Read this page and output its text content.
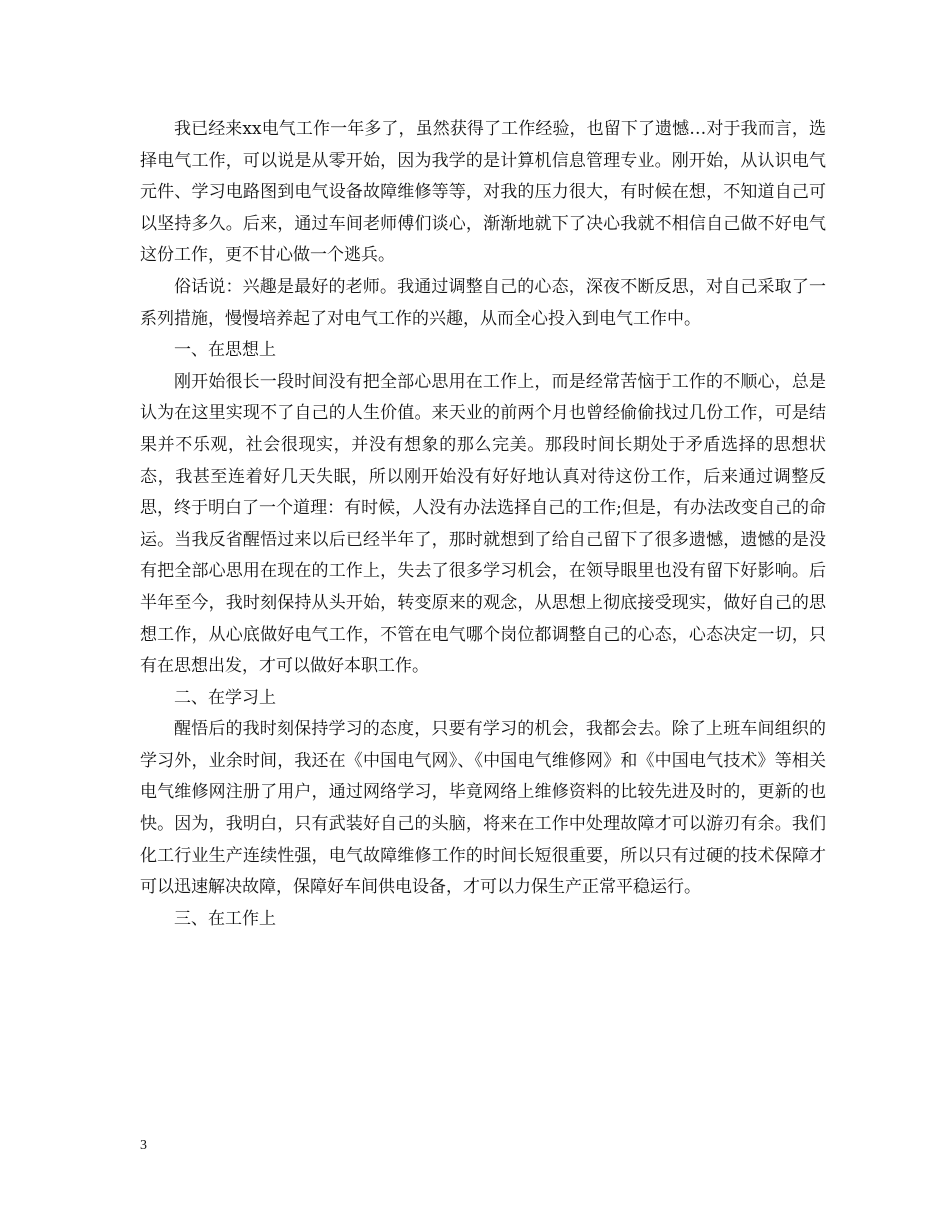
我已经来xx电气工作一年多了，虽然获得了工作经验，也留下了遗憾…对于我而言，选择电气工作，可以说是从零开始，因为我学的是计算机信息管理专业。刚开始，从认识电气元件、学习电路图到电气设备故障维修等等，对我的压力很大，有时候在想，不知道自己可以坚持多久。后来，通过车间老师傅们谈心，渐渐地就下了决心我就不相信自己做不好电气这份工作，更不甘心做一个逃兵。

俗话说：兴趣是最好的老师。我通过调整自己的心态，深夜不断反思，对自己采取了一系列措施，慢慢培养起了对电气工作的兴趣，从而全心投入到电气工作中。

一、在思想上

刚开始很长一段时间没有把全部心思用在工作上，而是经常苦恼于工作的不顺心，总是认为在这里实现不了自己的人生价值。来天业的前两个月也曾经偷偷找过几份工作，可是结果并不乐观，社会很现实，并没有想象的那么完美。那段时间长期处于矛盾选择的思想状态，我甚至连着好几天失眠，所以刚开始没有好好地认真对待这份工作，后来通过调整反思，终于明白了一个道理：有时候，人没有办法选择自己的工作;但是，有办法改变自己的命运。当我反省醒悟过来以后已经半年了，那时就想到了给自己留下了很多遗憾，遗憾的是没有把全部心思用在现在的工作上，失去了很多学习机会，在领导眼里也没有留下好影响。后半年至今，我时刻保持从头开始，转变原来的观念，从思想上彻底接受现实，做好自己的思想工作，从心底做好电气工作，不管在电气哪个岗位都调整自己的心态，心态决定一切，只有在思想出发，才可以做好本职工作。

二、在学习上

醒悟后的我时刻保持学习的态度，只要有学习的机会，我都会去。除了上班车间组织的学习外，业余时间，我还在《中国电气网》、《中国电气维修网》和《中国电气技术》等相关电气维修网注册了用户，通过网络学习，毕竟网络上维修资料的比较先进及时的，更新的也快。因为，我明白，只有武装好自己的头脑，将来在工作中处理故障才可以游刃有余。我们化工行业生产连续性强，电气故障维修工作的时间长短很重要，所以只有过硬的技术保障才可以迅速解决故障，保障好车间供电设备，才可以力保生产正常平稳运行。

三、在工作上

3
